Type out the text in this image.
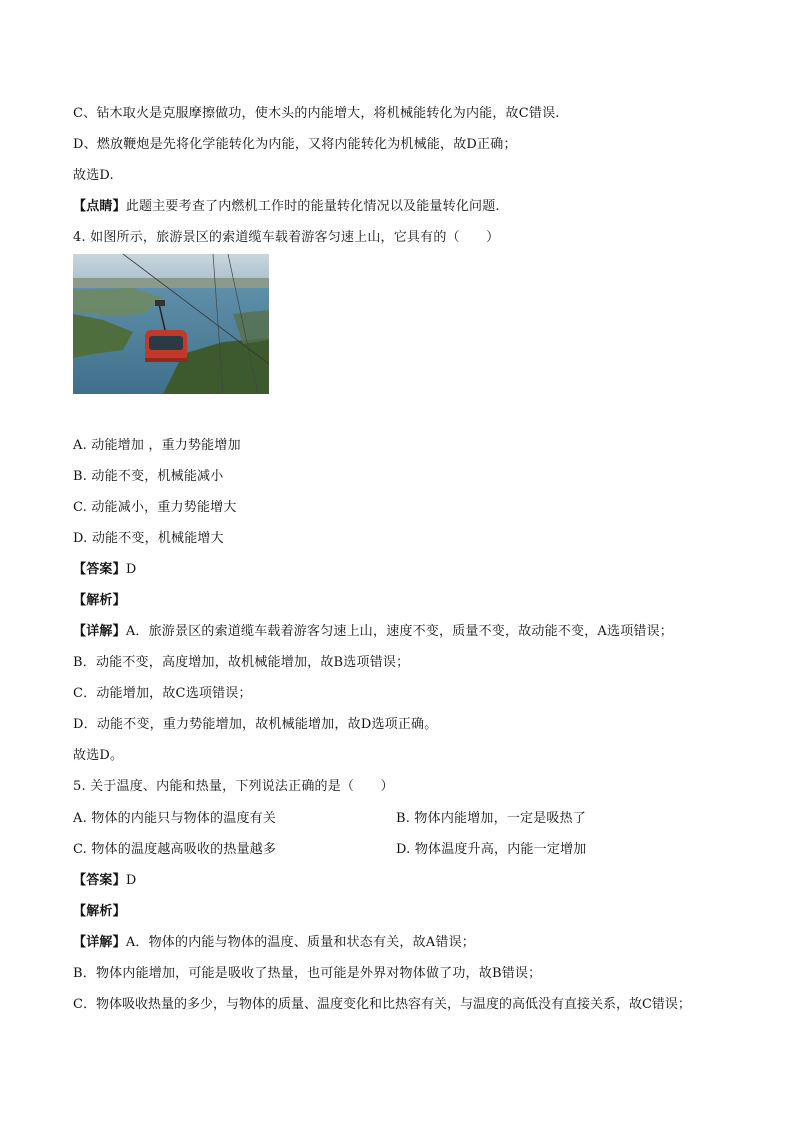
C、钻木取火是克服摩擦做功，使木头的内能增大，将机械能转化为内能，故C错误.
D、燃放鞭炮是先将化学能转化为内能，又将内能转化为机械能，故D正确；
故选D.
【点睛】此题主要考查了内燃机工作时的能量转化情况以及能量转化问题.
4. 如图所示，旅游景区的索道缆车载着游客匀速上山，它具有的（　　）
A. 动能增加 ，重力势能增加
B. 动能不变，机械能减小
C. 动能减小，重力势能增大
D. 动能不变，机械能增大
【答案】D
【解析】
【详解】A．旅游景区的索道缆车载着游客匀速上山，速度不变，质量不变，故动能不变，A选项错误；
B．动能不变，高度增加，故机械能增加，故B选项错误；
C．动能增加，故C选项错误；
D．动能不变，重力势能增加，故机械能增加，故D选项正确。
故选D。
5. 关于温度、内能和热量，下列说法正确的是（　　）
A. 物体的内能只与物体的温度有关	B. 物体内能增加，一定是吸热了
C. 物体的温度越高吸收的热量越多	D. 物体温度升高，内能一定增加
【答案】D
【解析】
【详解】A．物体的内能与物体的温度、质量和状态有关，故A错误；
B．物体内能增加，可能是吸收了热量，也可能是外界对物体做了功，故B错误；
C．物体吸收热量的多少，与物体的质量、温度变化和比热容有关，与温度的高低没有直接关系，故C错误；
